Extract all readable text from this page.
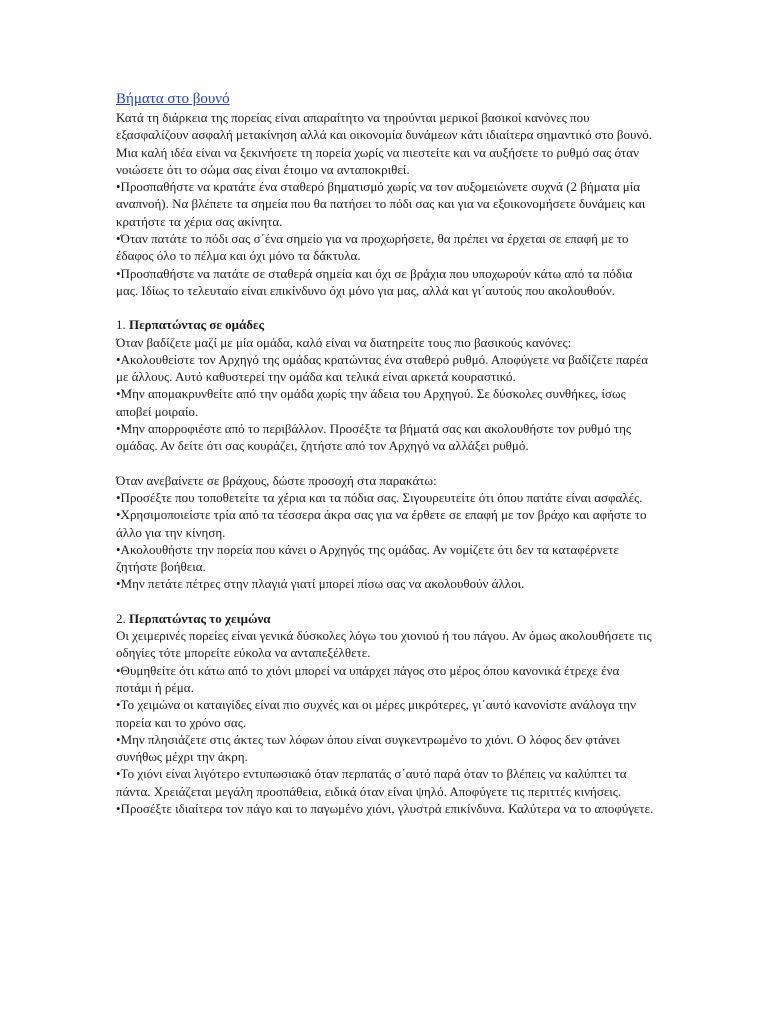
Βήματα στο βουνό

Κατά τη διάρκεια της πορείας είναι απαραίτητο να τηρούνται μερικοί βασικοί κανόνες που εξασφαλίζουν ασφαλή μετακίνηση αλλά και οικονομία δυνάμεων κάτι ιδιαίτερα σημαντικό στο βουνό. Μια καλή ιδέα είναι να ξεκινήσετε τη πορεία χωρίς να πιεστείτε και να αυξήσετε το ρυθμό σας όταν νοιώσετε ότι το σώμα σας είναι έτοιμο να ανταποκριθεί.

•Προσπαθήστε να κρατάτε ένα σταθερό βηματισμό χωρίς να τον αυξομειώνετε συχνά (2 βήματα μία αναπνοή). Να βλέπετε τα σημεία που θα πατήσει το πόδι σας και για να εξοικονομήσετε δυνάμεις και κρατήστε τα χέρια σας ακίνητα.

•Όταν πατάτε το πόδι σας σ΄ένα σημείο για να προχωρήσετε, θα πρέπει να έρχεται σε επαφή με το έδαφος όλο το πέλμα και όχι μόνο τα δάκτυλα.

•Προσπαθήστε να πατάτε σε σταθερά σημεία και όχι σε βράχια που υποχωρούν κάτω από τα πόδια μας. Ιδίως το τελευταίο είναι επικίνδυνο όχι μόνο για μας, αλλά και γι΄αυτούς που ακολουθούν.

1. Περπατώντας σε ομάδες

Όταν βαδίζετε μαζί με μία ομάδα, καλό είναι να διατηρείτε τους πιο βασικούς κανόνες:

•Ακολουθείστε τον Αρχηγό της ομάδας κρατώντας ένα σταθερό ρυθμό. Αποφύγετε να βαδίζετε παρέα με άλλους. Αυτό καθυστερεί την ομάδα και τελικά είναι αρκετά κουραστικό.

•Μην απομακρυνθείτε από την ομάδα χωρίς την άδεια του Αρχηγού. Σε δύσκολες συνθήκες, ίσως αποβεί μοιραίο.

•Μην απορροφιέστε από το περιβάλλον. Προσέξτε τα βήματά σας και ακολουθήστε τον ρυθμό της ομάδας. Αν δείτε ότι σας κουράζει, ζητήστε από τον Αρχηγό να αλλάξει ρυθμό.

Όταν ανεβαίνετε σε βράχους, δώστε προσοχή στα παρακάτω:

•Προσέξτε που τοποθετείτε τα χέρια και τα πόδια σας. Σιγουρευτείτε ότι όπου πατάτε είναι ασφαλές.

•Χρησιμοποιείστε τρία από τα τέσσερα άκρα σας για να έρθετε σε επαφή με τον βράχο και αφήστε το άλλο για την κίνηση.

•Ακολουθήστε την πορεία που κάνει ο Αρχηγός της ομάδας. Αν νομίζετε ότι δεν τα καταφέρνετε ζητήστε βοήθεια.

•Μην πετάτε πέτρες στην πλαγιά γιατί μπορεί πίσω σας να ακολουθούν άλλοι.

2. Περπατώντας το χειμώνα

Οι χειμερινές πορείες είναι γενικά δύσκολες λόγω του χιονιού ή του πάγου. Αν όμως ακολουθήσετε τις οδηγίες τότε μπορείτε εύκολα να ανταπεξέλθετε.

•Θυμηθείτε ότι κάτω από το χιόνι μπορεί να υπάρχει πάγος στο μέρος όπου κανονικά έτρεχε ένα ποτάμι ή ρέμα.

•Το χειμώνα οι καταιγίδες είναι πιο συχνές και οι μέρες μικρότερες, γι΄αυτό κανονίστε ανάλογα την πορεία και το χρόνο σας.

•Μην πλησιάζετε στις άκτες των λόφων όπου είναι συγκεντρωμένο το χιόνι. Ο λόφος δεν φτάνει συνήθως μέχρι την άκρη.

•Το χιόνι είναι λιγότερο εντυπωσιακό όταν περπατάς σ΄αυτό παρά όταν το βλέπεις να καλύπτει τα πάντα. Χρειάζεται μεγάλη προσπάθεια, ειδικά όταν είναι ψηλό. Αποφύγετε τις περιττές κινήσεις.

•Προσέξτε ιδιαίτερα τον πάγο και το παγωμένο χιόνι, γλυστρά επικίνδυνα. Καλύτερα να το αποφύγετε.
